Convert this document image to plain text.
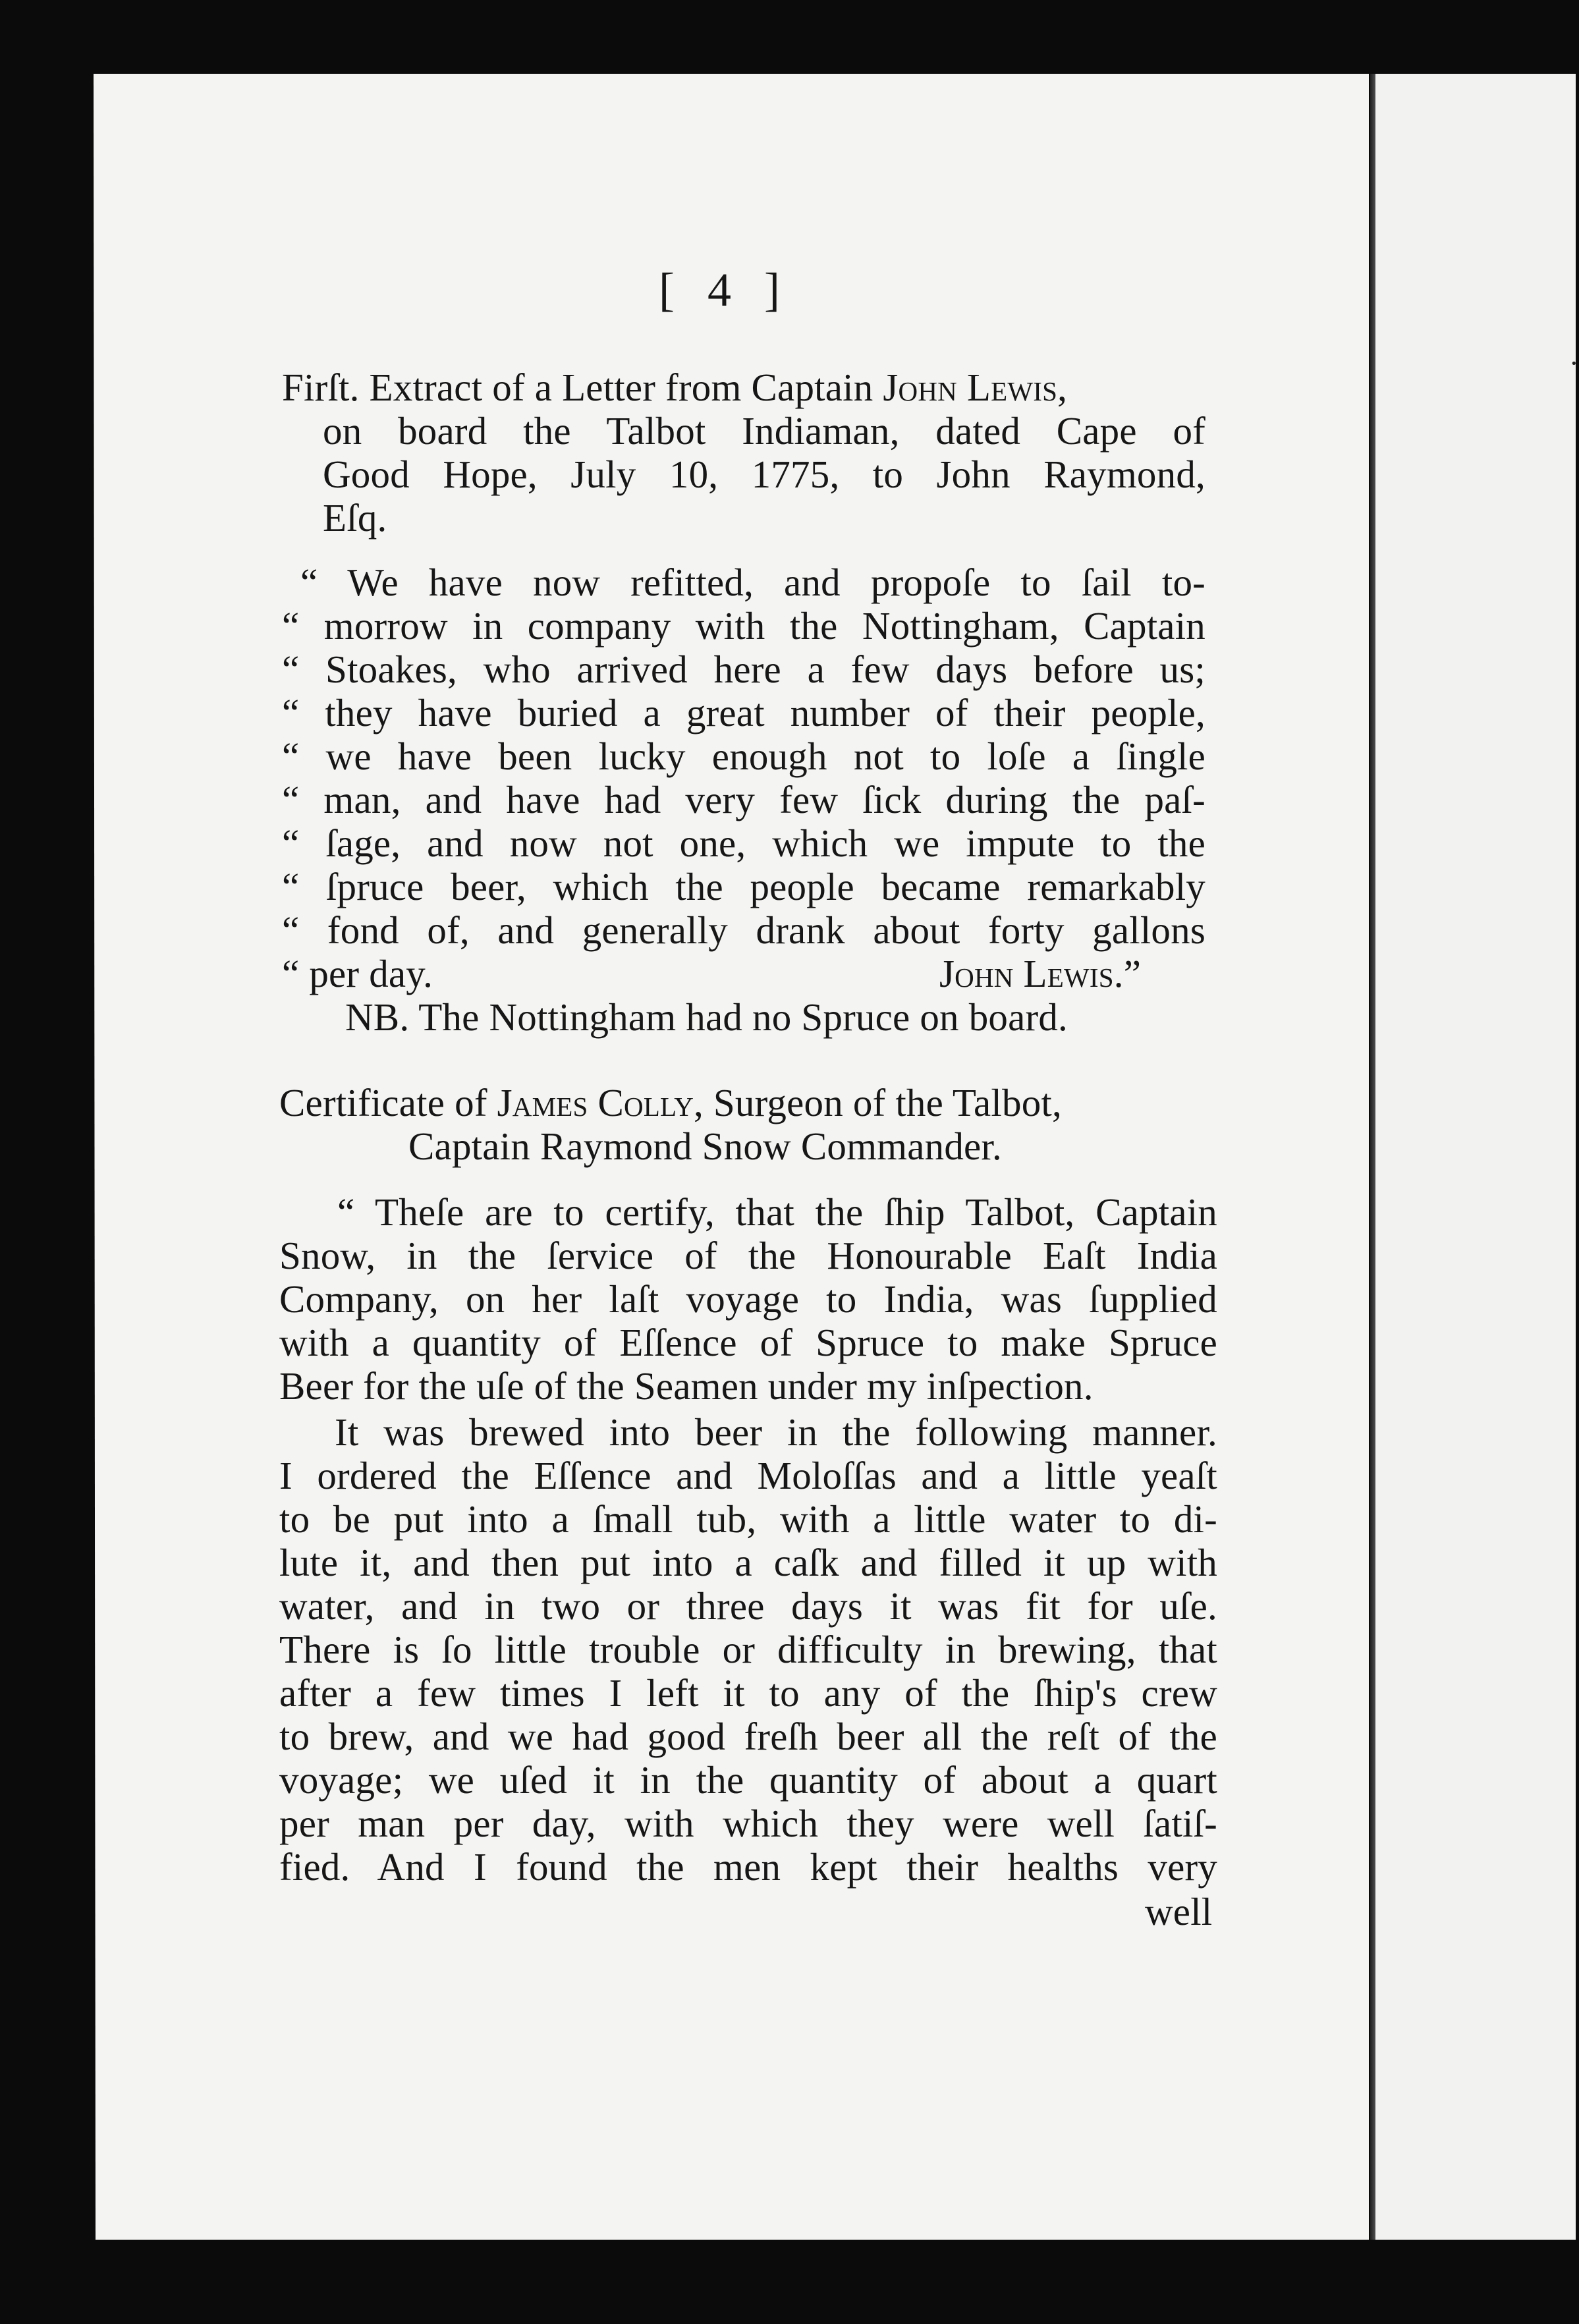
·
[ 4 ]
Firſt. Extract of a Letter from Captain John Lewis,
on board the Talbot Indiaman, dated Cape of
Good Hope, July 10, 1775, to John Raymond,
Eſq.
“ We have now refitted, and propoſe to ſail to-
“ morrow in company with the Nottingham, Captain
“ Stoakes, who arrived here a few days before us;
“ they have buried a great number of their people,
“ we have been lucky enough not to loſe a ſingle
“ man, and have had very few ſick during the paſ-
“ ſage, and now not one, which we impute to the
“ ſpruce beer, which the people became remarkably
“ fond of, and generally drank about forty gallons
“ per day.	John Lewis.”
NB. The Nottingham had no Spruce on board.
Certificate of James Colly, Surgeon of the Talbot,
Captain Raymond Snow Commander.
“ Theſe are to certify, that the ſhip Talbot, Captain
Snow, in the ſervice of the Honourable Eaſt India
Company, on her laſt voyage to India, was ſupplied
with a quantity of Eſſence of Spruce to make Spruce
Beer for the uſe of the Seamen under my inſpection.
It was brewed into beer in the following manner.
I ordered the Eſſence and Moloſſas and a little yeaſt
to be put into a ſmall tub, with a little water to di-
lute it, and then put into a caſk and filled it up with
water, and in two or three days it was fit for uſe.
There is ſo little trouble or difficulty in brewing, that
after a few times I left it to any of the ſhip's crew
to brew, and we had good freſh beer all the reſt of the
voyage; we uſed it in the quantity of about a quart
per man per day, with which they were well ſatiſ-
fied. And I found the men kept their healths very
well
